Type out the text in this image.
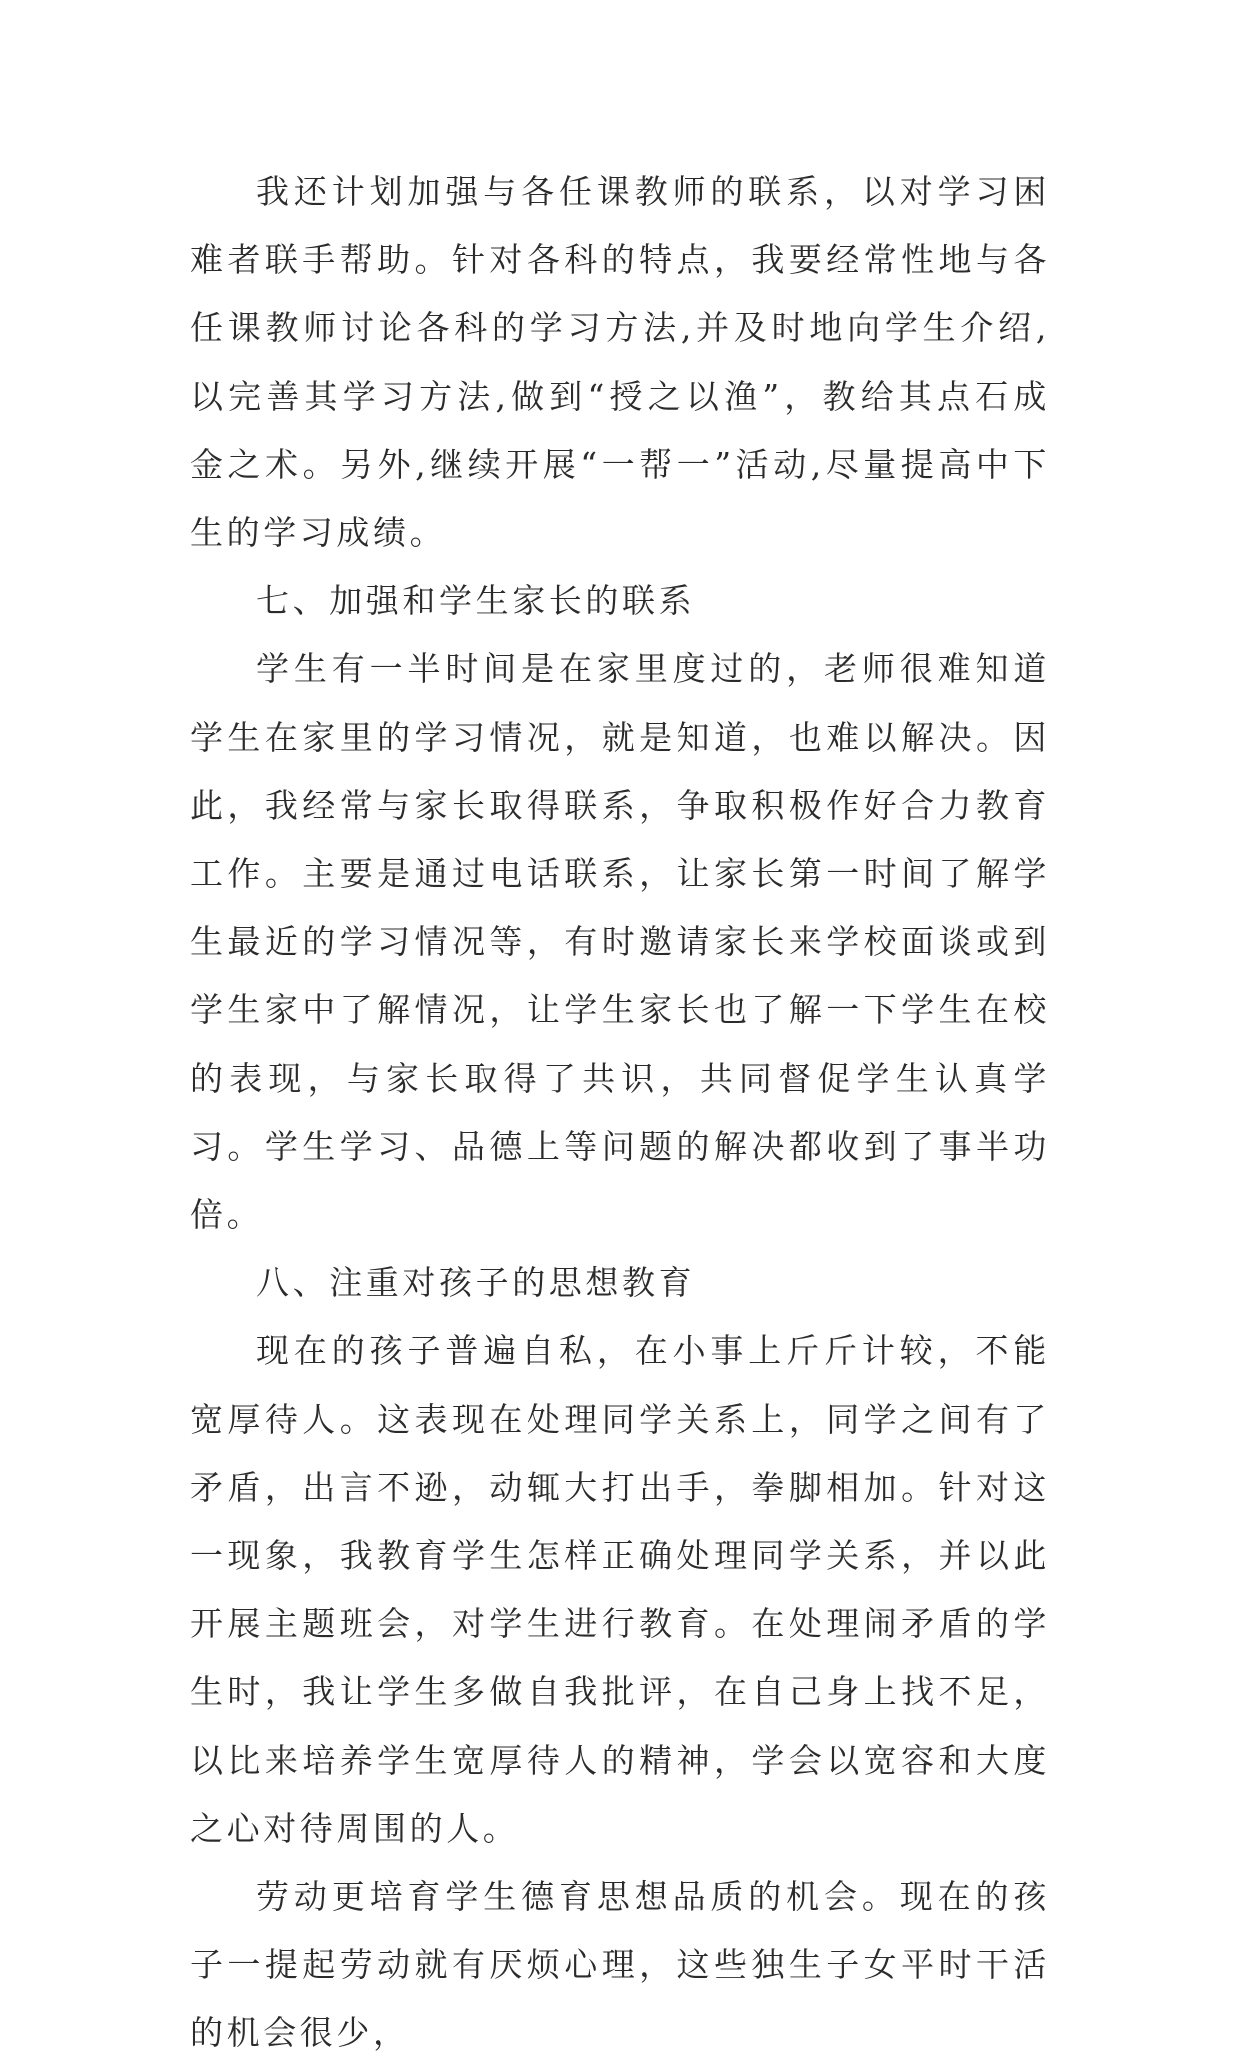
我还计划加强与各任课教师的联系，以对学习困难者联手帮助。针对各科的特点，我要经常性地与各任课教师讨论各科的学习方法,并及时地向学生介绍,以完善其学习方法,做到“授之以渔”，教给其点石成金之术。另外,继续开展“一帮一”活动,尽量提高中下生的学习成绩。

七、加强和学生家长的联系

学生有一半时间是在家里度过的，老师很难知道学生在家里的学习情况，就是知道，也难以解决。因此，我经常与家长取得联系，争取积极作好合力教育工作。主要是通过电话联系，让家长第一时间了解学生最近的学习情况等，有时邀请家长来学校面谈或到学生家中了解情况，让学生家长也了解一下学生在校的表现，与家长取得了共识，共同督促学生认真学习。学生学习、品德上等问题的解决都收到了事半功倍。

八、注重对孩子的思想教育

现在的孩子普遍自私，在小事上斤斤计较，不能宽厚待人。这表现在处理同学关系上，同学之间有了矛盾，出言不逊，动辄大打出手，拳脚相加。针对这一现象，我教育学生怎样正确处理同学关系，并以此开展主题班会，对学生进行教育。在处理闹矛盾的学生时，我让学生多做自我批评，在自己身上找不足，以比来培养学生宽厚待人的精神，学会以宽容和大度之心对待周围的人。

劳动更培育学生德育思想品质的机会。现在的孩子一提起劳动就有厌烦心理，这些独生子女平时干活的机会很少，
